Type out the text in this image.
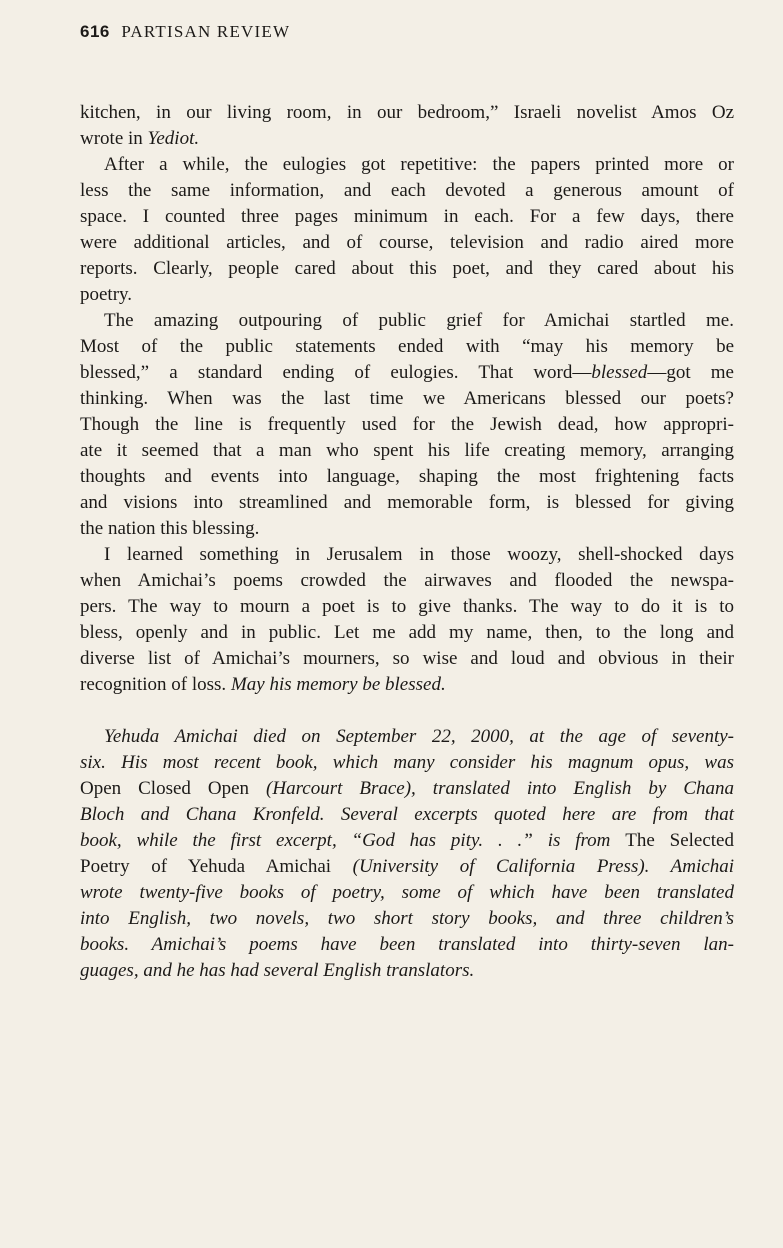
616 PARTISAN REVIEW
kitchen, in our living room, in our bedroom,” Israeli novelist Amos Oz
wrote in Yediot.
After a while, the eulogies got repetitive: the papers printed more or
less the same information, and each devoted a generous amount of
space. I counted three pages minimum in each. For a few days, there
were additional articles, and of course, television and radio aired more
reports. Clearly, people cared about this poet, and they cared about his
poetry.
The amazing outpouring of public grief for Amichai startled me.
Most of the public statements ended with “may his memory be
blessed,” a standard ending of eulogies. That word—blessed—got me
thinking. When was the last time we Americans blessed our poets?
Though the line is frequently used for the Jewish dead, how appropri-
ate it seemed that a man who spent his life creating memory, arranging
thoughts and events into language, shaping the most frightening facts
and visions into streamlined and memorable form, is blessed for giving
the nation this blessing.
I learned something in Jerusalem in those woozy, shell-shocked days
when Amichai’s poems crowded the airwaves and flooded the newspa-
pers. The way to mourn a poet is to give thanks. The way to do it is to
bless, openly and in public. Let me add my name, then, to the long and
diverse list of Amichai’s mourners, so wise and loud and obvious in their
recognition of loss. May his memory be blessed.
Yehuda Amichai died on September 22, 2000, at the age of seventy-
six. His most recent book, which many consider his magnum opus, was
Open Closed Open (Harcourt Brace), translated into English by Chana
Bloch and Chana Kronfeld. Several excerpts quoted here are from that
book, while the first excerpt, “God has pity. . .” is from The Selected
Poetry of Yehuda Amichai (University of California Press). Amichai
wrote twenty-five books of poetry, some of which have been translated
into English, two novels, two short story books, and three children’s
books. Amichai’s poems have been translated into thirty-seven lan-
guages, and he has had several English translators.
